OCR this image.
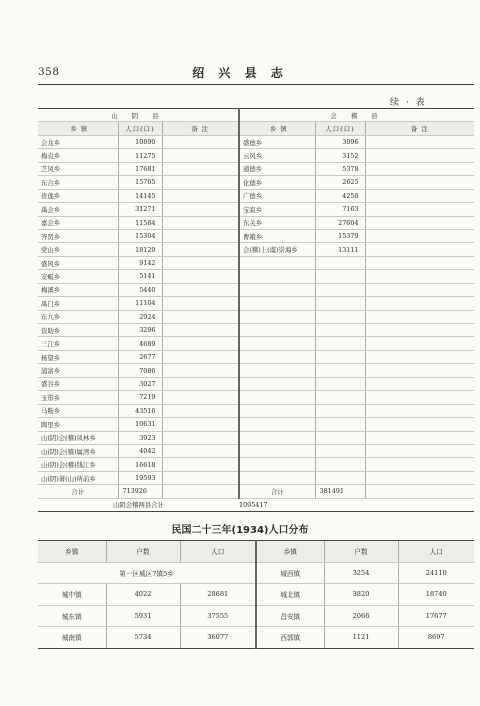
358	绍 兴 县 志
续 · 表
山 阴 县			会 稽 县		
乡 镇	人口(口)	备 注	乡 镇	人口(口)	备 注
会龙乡	10890		盛德乡	3096	
梅袁乡	11275		云风乡	3152	
芝凤乡	17681		通德乡	5378	
东合乡	15765		化德乡	2625	
贵莲乡	14145		广德乡	4258	
禹会乡	31271		宝寂乡	7163	
嘉会乡	11584		东关乡	27604	
齐贤乡	15304		曹娥乡	15379	
党山乡	18129		会(稽)上(虞)崇海乡	13111	
盛风乡	9142				
安畈乡	5141				
梅溪乡	5440				
禹门乡	11104				
东九乡	2924				
资助乡	3296				
三江乡	4689				
杨望乡	2677				
浦富乡	7086				
盛谷乡	3027				
玉带乡	7219				
马鞍乡	43516				
陶里乡	10631				
山(阴)会(稽)凤林乡	3923				
山(阴)会(稽)属湾乡	4042				
山(阴)会(稽)钱江乡	16618				
山(阴)萧(山)所前乡	19593				
合计	713926		合计	381491	
山阴会稽两县合计			1095417		
民国二十三年(1934)人口分布
乡镇	户数	人口	乡镇	户数	人口
第一区城区7镇5乡			城西镇	3254	24110
城中镇	4022	28681	城北镇	3820	18740
城东镇	5931	37555	昌安镇	2066	17677
城南镇	5734	36077	西郭镇	1121	8697
